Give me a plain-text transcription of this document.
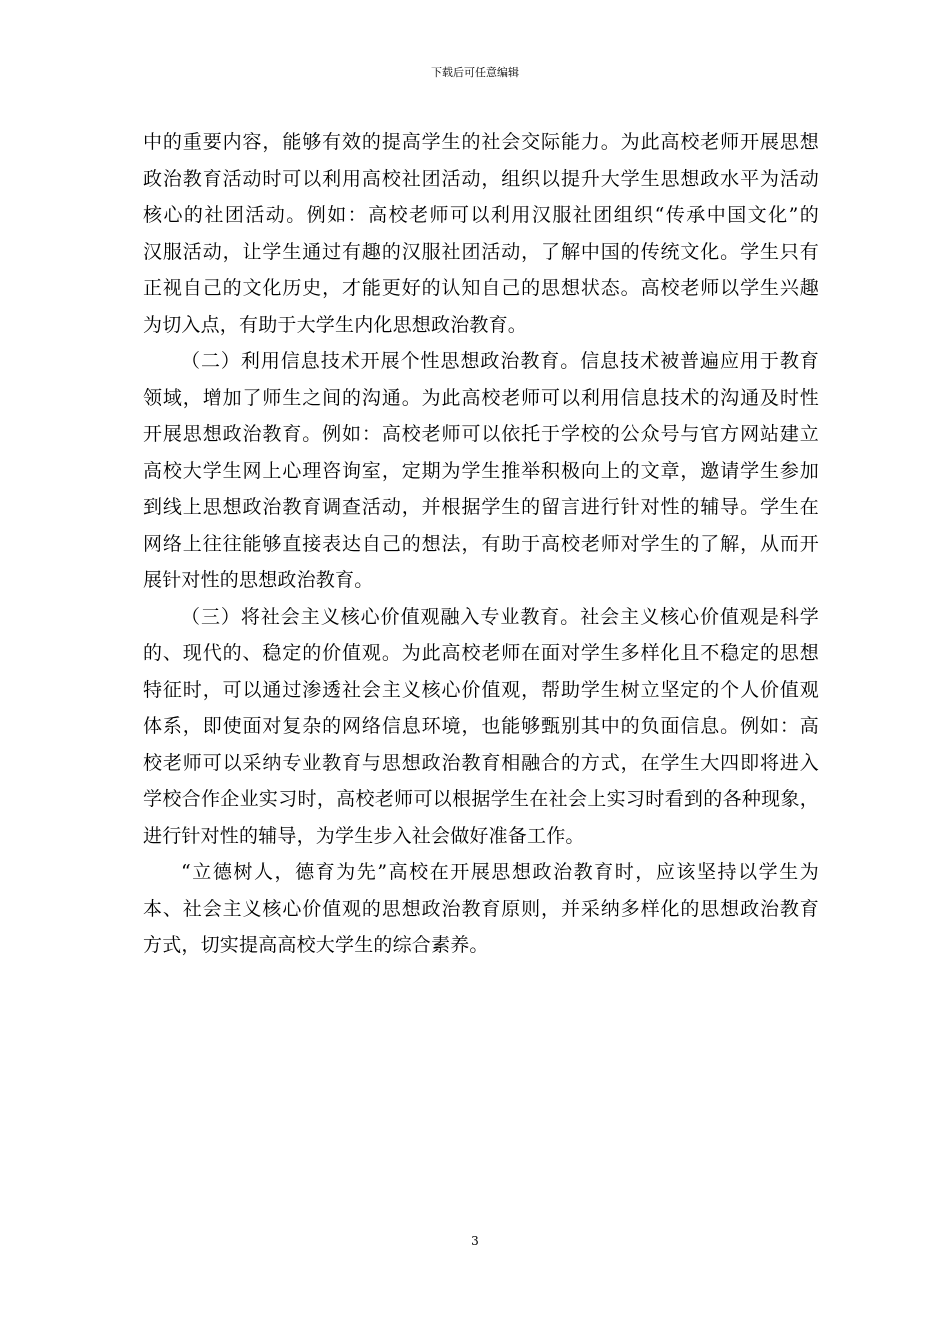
下载后可任意编辑
中的重要内容，能够有效的提高学生的社会交际能力。为此高校老师开展思想
政治教育活动时可以利用高校社团活动，组织以提升大学生思想政水平为活动
核心的社团活动。例如：高校老师可以利用汉服社团组织“传承中国文化”的
汉服活动，让学生通过有趣的汉服社团活动，了解中国的传统文化。学生只有
正视自己的文化历史，才能更好的认知自己的思想状态。高校老师以学生兴趣
为切入点，有助于大学生内化思想政治教育。
（二）利用信息技术开展个性思想政治教育。信息技术被普遍应用于教育
领域，增加了师生之间的沟通。为此高校老师可以利用信息技术的沟通及时性
开展思想政治教育。例如：高校老师可以依托于学校的公众号与官方网站建立
高校大学生网上心理咨询室，定期为学生推举积极向上的文章，邀请学生参加
到线上思想政治教育调查活动，并根据学生的留言进行针对性的辅导。学生在
网络上往往能够直接表达自己的想法，有助于高校老师对学生的了解，从而开
展针对性的思想政治教育。
（三）将社会主义核心价值观融入专业教育。社会主义核心价值观是科学
的、现代的、稳定的价值观。为此高校老师在面对学生多样化且不稳定的思想
特征时，可以通过渗透社会主义核心价值观，帮助学生树立坚定的个人价值观
体系，即使面对复杂的网络信息环境，也能够甄别其中的负面信息。例如：高
校老师可以采纳专业教育与思想政治教育相融合的方式，在学生大四即将进入
学校合作企业实习时，高校老师可以根据学生在社会上实习时看到的各种现象，
进行针对性的辅导，为学生步入社会做好准备工作。
“立德树人，德育为先”高校在开展思想政治教育时，应该坚持以学生为
本、社会主义核心价值观的思想政治教育原则，并采纳多样化的思想政治教育
方式，切实提高高校大学生的综合素养。
3
